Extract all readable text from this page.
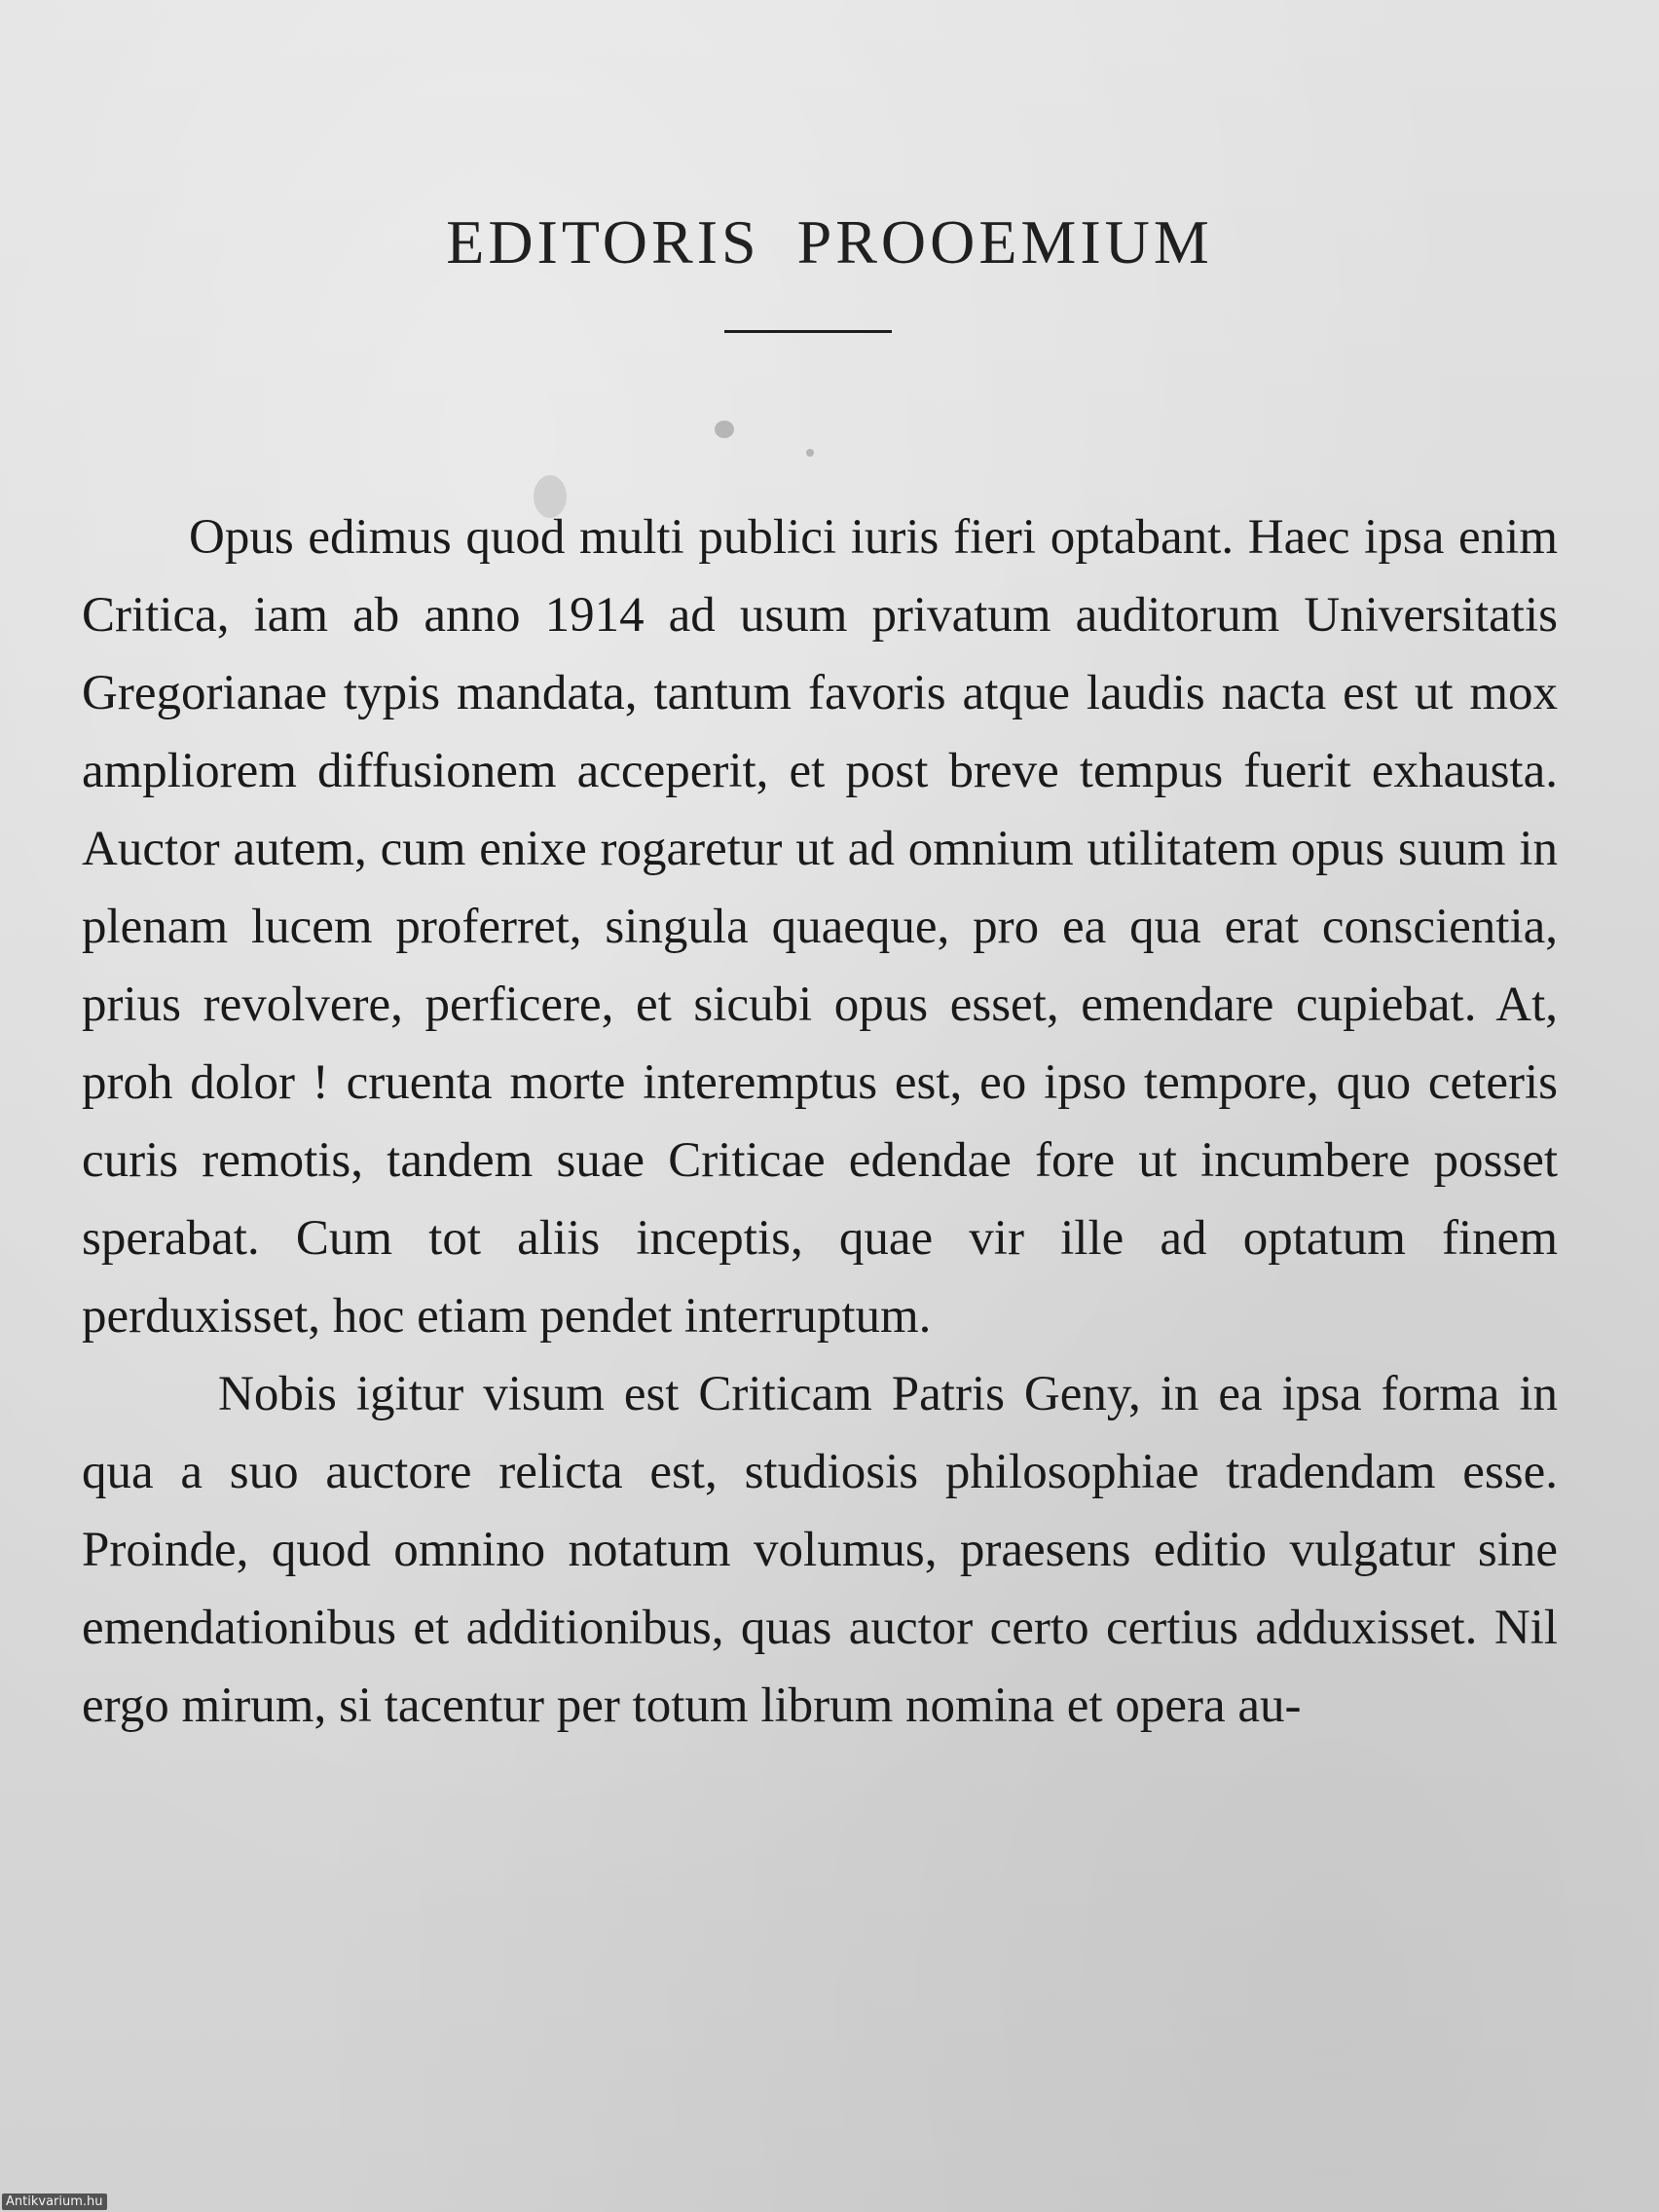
EDITORIS PROOEMIUM

Opus edimus quod multi publici iuris fieri optabant. Haec ipsa enim Critica, iam ab anno 1914 ad usum privatum auditorum Universitatis Gregorianae typis mandata, tantum favoris atque laudis nacta est ut mox ampliorem diffusionem acceperit, et post breve tempus fuerit exhausta. Auctor autem, cum enixe rogaretur ut ad omnium utilitatem opus suum in plenam lucem proferret, singula quaeque, pro ea qua erat conscientia, prius revolvere, perficere, et sicubi opus esset, emendare cupiebat. At, proh dolor ! cruenta morte interemptus est, eo ipso tempore, quo ceteris curis remotis, tandem suae Criticae edendae fore ut incumbere posset sperabat. Cum tot aliis inceptis, quae vir ille ad optatum finem perduxisset, hoc etiam pendet interruptum.

Nobis igitur visum est Criticam Patris Geny, in ea ipsa forma in qua a suo auctore relicta est, studiosis philosophiae tradendam esse. Proinde, quod omnino notatum volumus, praesens editio vulgatur sine emendationibus et additionibus, quas auctor certo certius adduxisset. Nil ergo mirum, si tacentur per totum librum nomina et opera au-

Antikvarium.hu
